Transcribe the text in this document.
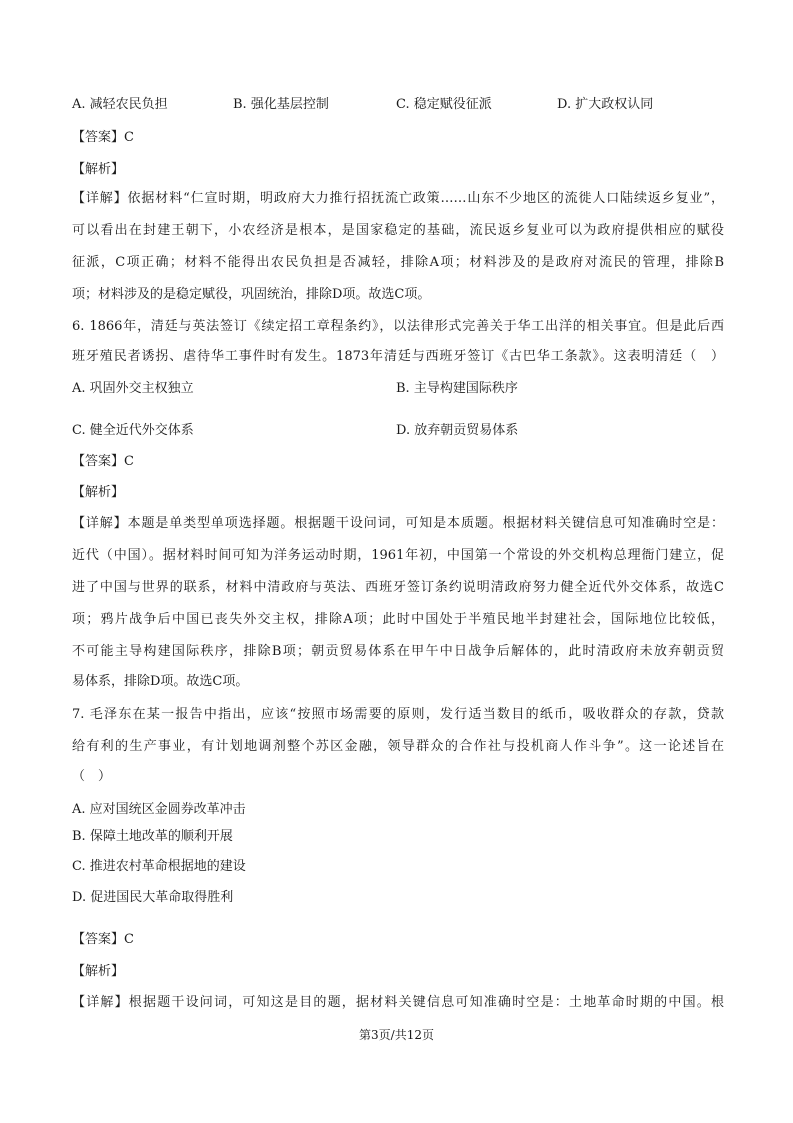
A. 减轻农民负担	B. 强化基层控制	C. 稳定赋役征派	D. 扩大政权认同
【答案】C
【解析】
【详解】依据材料“仁宣时期，明政府大力推行招抚流亡政策……山东不少地区的流徙人口陆续返乡复业”，
可以看出在封建王朝下，小农经济是根本，是国家稳定的基础，流民返乡复业可以为政府提供相应的赋役
征派，C项正确；材料不能得出农民负担是否减轻，排除A项；材料涉及的是政府对流民的管理，排除B
项；材料涉及的是稳定赋役，巩固统治，排除D项。故选C项。
6. 1866年，清廷与英法签订《续定招工章程条约》，以法律形式完善关于华工出洋的相关事宜。但是此后西
班牙殖民者诱拐、虐待华工事件时有发生。1873年清廷与西班牙签订《古巴华工条款》。这表明清廷（　）
A. 巩固外交主权独立	B. 主导构建国际秩序
C. 健全近代外交体系	D. 放弃朝贡贸易体系
【答案】C
【解析】
【详解】本题是单类型单项选择题。根据题干设问词，可知是本质题。根据材料关键信息可知准确时空是：
近代（中国）。据材料时间可知为洋务运动时期，1961年初，中国第一个常设的外交机构总理衙门建立，促
进了中国与世界的联系，材料中清政府与英法、西班牙签订条约说明清政府努力健全近代外交体系，故选C
项；鸦片战争后中国已丧失外交主权，排除A项；此时中国处于半殖民地半封建社会，国际地位比较低，
不可能主导构建国际秩序，排除B项；朝贡贸易体系在甲午中日战争后解体的，此时清政府未放弃朝贡贸
易体系，排除D项。故选C项。
7. 毛泽东在某一报告中指出，应该“按照市场需要的原则，发行适当数目的纸币，吸收群众的存款，贷款
给有利的生产事业，有计划地调剂整个苏区金融，领导群众的合作社与投机商人作斗争”。这一论述旨在
（　）
A. 应对国统区金圆券改革冲击
B. 保障土地改革的顺利开展
C. 推进农村革命根据地的建设
D. 促进国民大革命取得胜利
【答案】C
【解析】
【详解】根据题干设问词，可知这是目的题，据材料关键信息可知准确时空是：土地革命时期的中国。根
第3页/共12页
